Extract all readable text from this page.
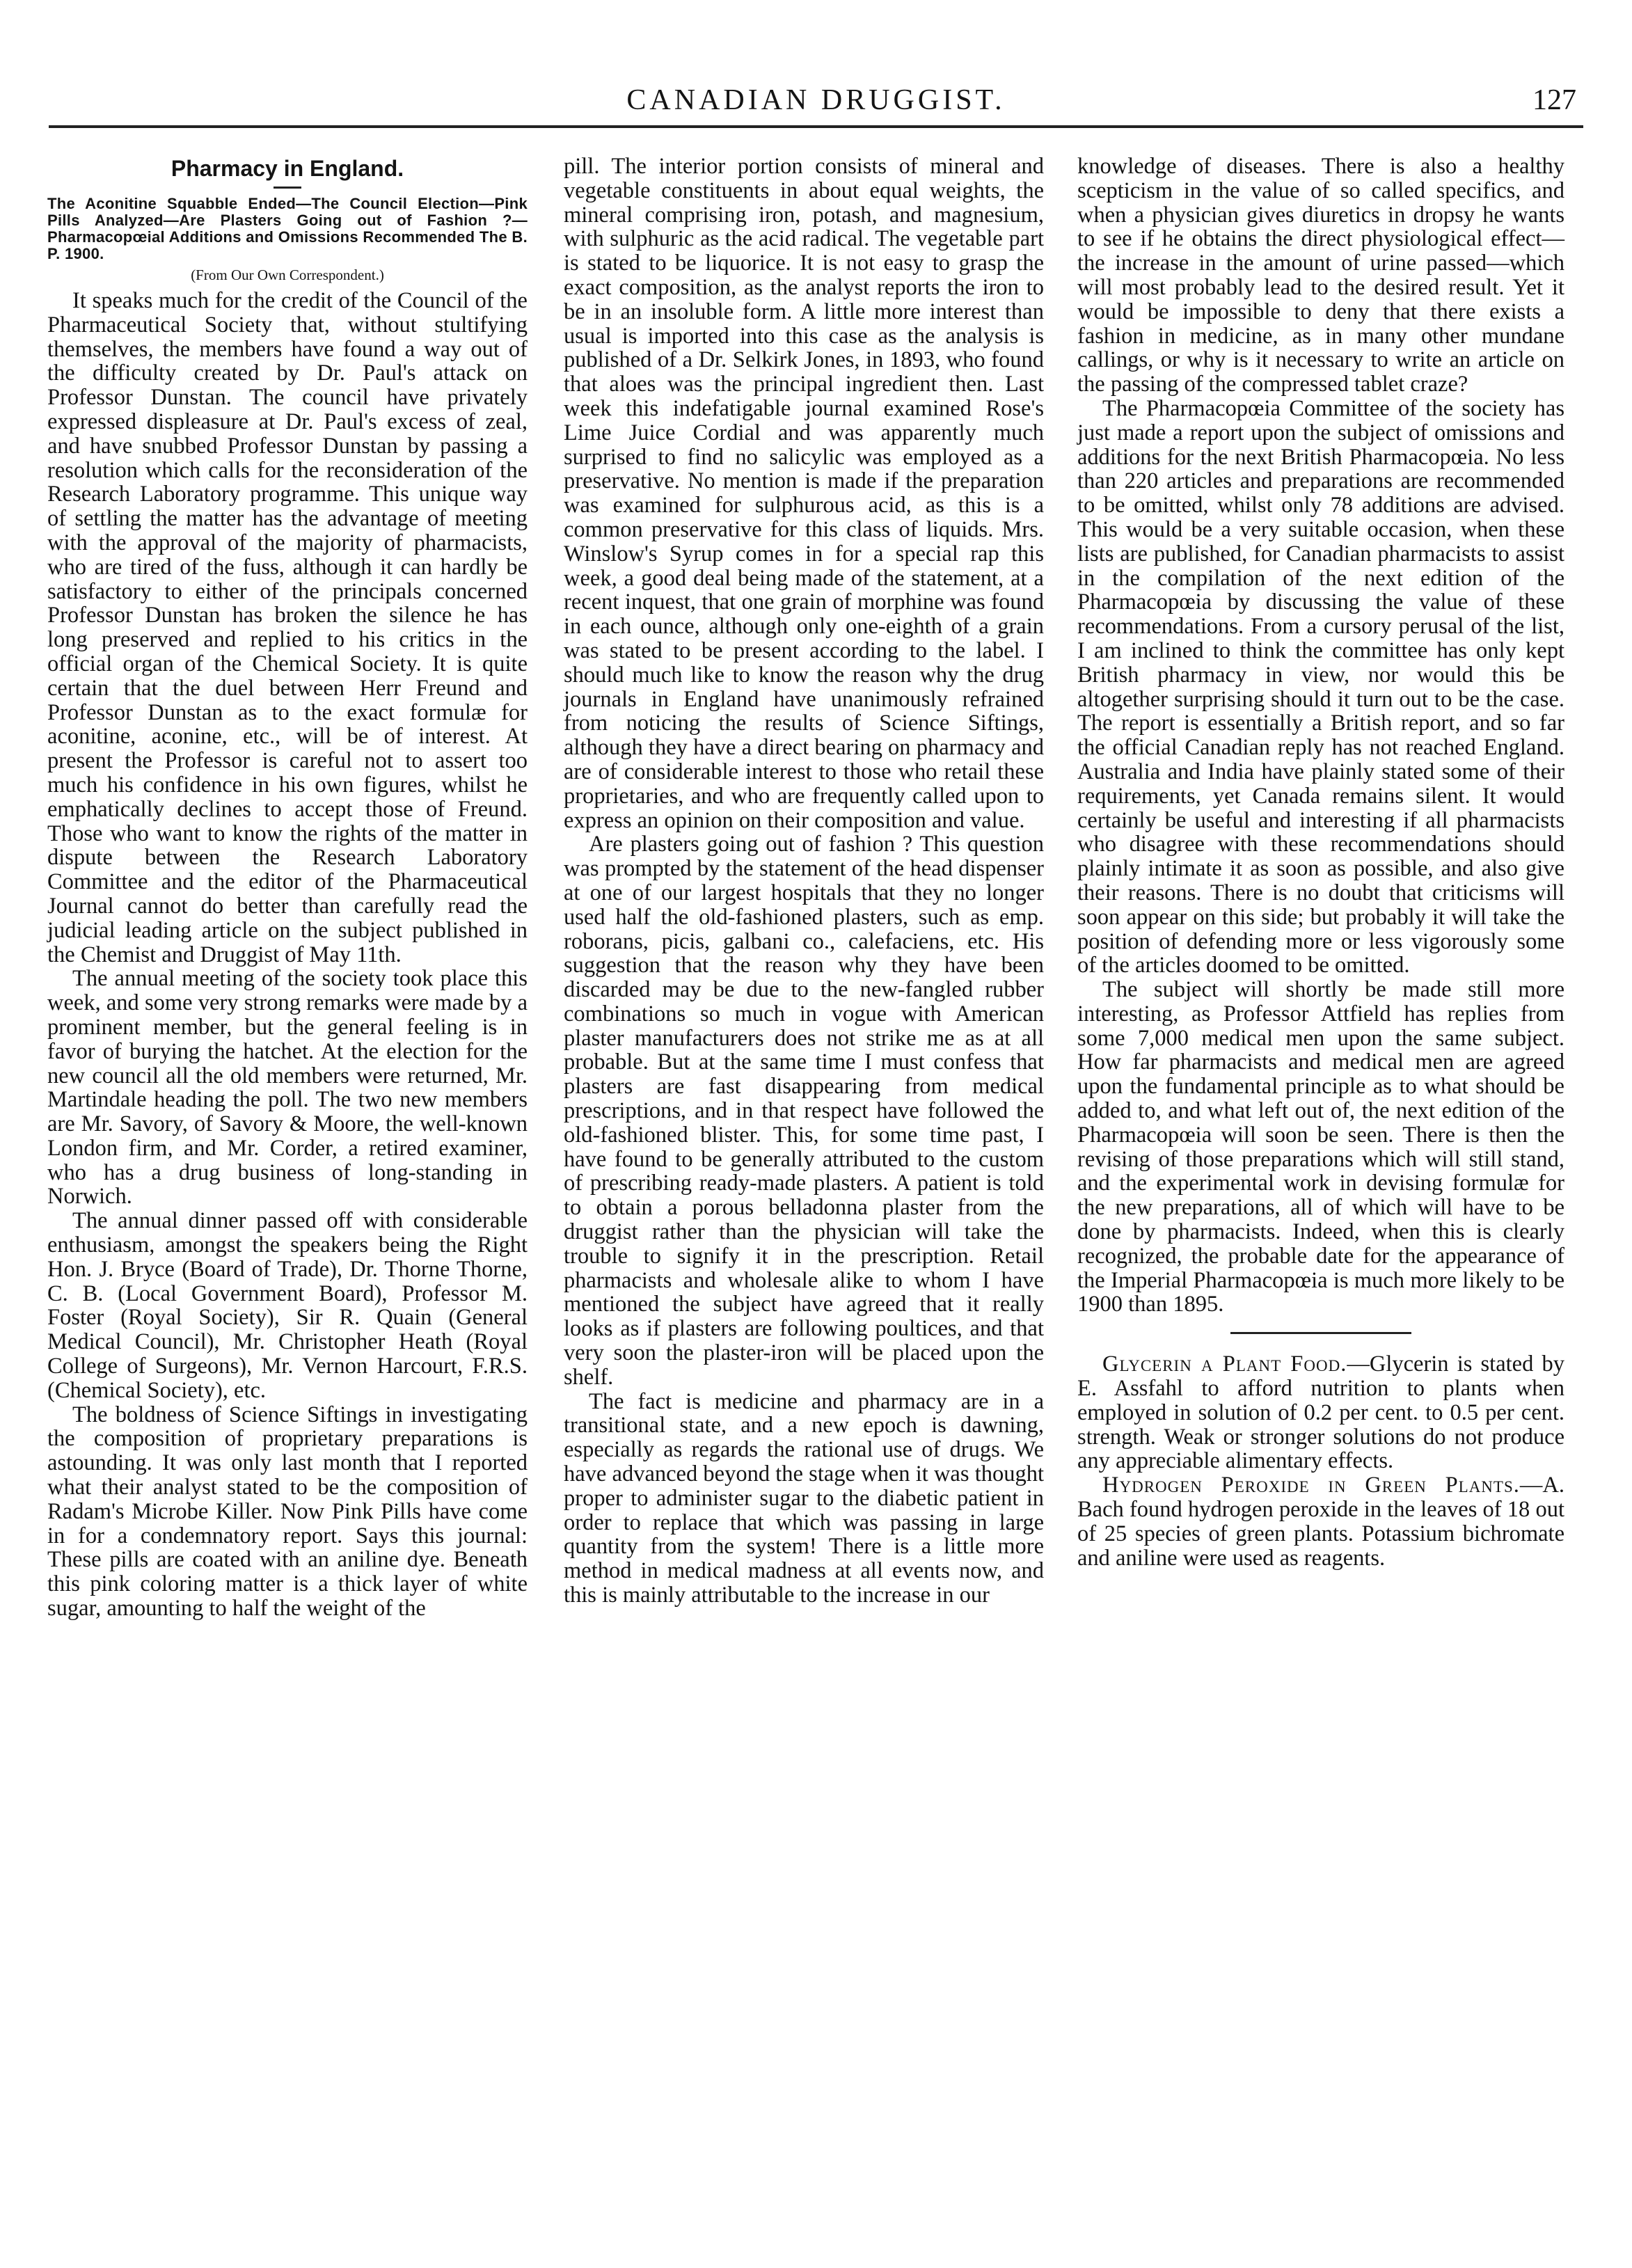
CANADIAN DRUGGIST.	127
Pharmacy in England.
The Aconitine Squabble Ended—The Council Election—Pink Pills Analyzed—Are Plasters Going out of Fashion ?—Pharmacopœial Additions and Omissions Recommended The B. P. 1900.
(From Our Own Correspondent.)

It speaks much for the credit of the Council of the Pharmaceutical Society that, without stultifying themselves, the members have found a way out of the difficulty created by Dr. Paul's attack on Professor Dunstan. The council have privately expressed displeasure at Dr. Paul's excess of zeal, and have snubbed Professor Dunstan by passing a resolution which calls for the reconsideration of the Research Laboratory programme. This unique way of settling the matter has the advantage of meeting with the approval of the majority of pharmacists, who are tired of the fuss, although it can hardly be satisfactory to either of the principals concerned Professor Dunstan has broken the silence he has long preserved and replied to his critics in the official organ of the Chemical Society. It is quite certain that the duel between Herr Freund and Professor Dunstan as to the exact formulæ for aconitine, aconine, etc., will be of interest. At present the Professor is careful not to assert too much his confidence in his own figures, whilst he emphatically declines to accept those of Freund. Those who want to know the rights of the matter in dispute between the Research Laboratory Committee and the editor of the Pharmaceutical Journal cannot do better than carefully read the judicial leading article on the subject published in the Chemist and Druggist of May 11th.

The annual meeting of the society took place this week, and some very strong remarks were made by a prominent member, but the general feeling is in favor of burying the hatchet. At the election for the new council all the old members were returned, Mr. Martindale heading the poll. The two new members are Mr. Savory, of Savory & Moore, the well-known London firm, and Mr. Corder, a retired examiner, who has a drug business of long-standing in Norwich.

The annual dinner passed off with considerable enthusiasm, amongst the speakers being the Right Hon. J. Bryce (Board of Trade), Dr. Thorne Thorne, C. B. (Local Government Board), Professor M. Foster (Royal Society), Sir R. Quain (General Medical Council), Mr. Christopher Heath (Royal College of Surgeons), Mr. Vernon Harcourt, F.R.S. (Chemical Society), etc.

The boldness of Science Siftings in investigating the composition of proprietary preparations is astounding. It was only last month that I reported what their analyst stated to be the composition of Radam's Microbe Killer. Now Pink Pills have come in for a condemnatory report. Says this journal: These pills are coated with an aniline dye. Beneath this pink coloring matter is a thick layer of white sugar, amounting to half the weight of the

pill. The interior portion consists of mineral and vegetable constituents in about equal weights, the mineral comprising iron, potash, and magnesium, with sulphuric as the acid radical. The vegetable part is stated to be liquorice. It is not easy to grasp the exact composition, as the analyst reports the iron to be in an insoluble form. A little more interest than usual is imported into this case as the analysis is published of a Dr. Selkirk Jones, in 1893, who found that aloes was the principal ingredient then. Last week this indefatigable journal examined Rose's Lime Juice Cordial and was apparently much surprised to find no salicylic was employed as a preservative. No mention is made if the preparation was examined for sulphurous acid, as this is a common preservative for this class of liquids. Mrs. Winslow's Syrup comes in for a special rap this week, a good deal being made of the statement, at a recent inquest, that one grain of morphine was found in each ounce, although only one-eighth of a grain was stated to be present according to the label. I should much like to know the reason why the drug journals in England have unanimously refrained from noticing the results of Science Siftings, although they have a direct bearing on pharmacy and are of considerable interest to those who retail these proprietaries, and who are frequently called upon to express an opinion on their composition and value.

Are plasters going out of fashion ? This question was prompted by the statement of the head dispenser at one of our largest hospitals that they no longer used half the old-fashioned plasters, such as emp. roborans, picis, galbani co., calefaciens, etc. His suggestion that the reason why they have been discarded may be due to the new-fangled rubber combinations so much in vogue with American plaster manufacturers does not strike me as at all probable. But at the same time I must confess that plasters are fast disappearing from medical prescriptions, and in that respect have followed the old-fashioned blister. This, for some time past, I have found to be generally attributed to the custom of prescribing ready-made plasters. A patient is told to obtain a porous belladonna plaster from the druggist rather than the physician will take the trouble to signify it in the prescription. Retail pharmacists and wholesale alike to whom I have mentioned the subject have agreed that it really looks as if plasters are following poultices, and that very soon the plaster-iron will be placed upon the shelf.

The fact is medicine and pharmacy are in a transitional state, and a new epoch is dawning, especially as regards the rational use of drugs. We have advanced beyond the stage when it was thought proper to administer sugar to the diabetic patient in order to replace that which was passing in large quantity from the system! There is a little more method in medical madness at all events now, and this is mainly attributable to the increase in our

knowledge of diseases. There is also a healthy scepticism in the value of so called specifics, and when a physician gives diuretics in dropsy he wants to see if he obtains the direct physiological effect—the increase in the amount of urine passed—which will most probably lead to the desired result. Yet it would be impossible to deny that there exists a fashion in medicine, as in many other mundane callings, or why is it necessary to write an article on the passing of the compressed tablet craze?

The Pharmacopœia Committee of the society has just made a report upon the subject of omissions and additions for the next British Pharmacopœia. No less than 220 articles and preparations are recommended to be omitted, whilst only 78 additions are advised. This would be a very suitable occasion, when these lists are published, for Canadian pharmacists to assist in the compilation of the next edition of the Pharmacopœia by discussing the value of these recommendations. From a cursory perusal of the list, I am inclined to think the committee has only kept British pharmacy in view, nor would this be altogether surprising should it turn out to be the case. The report is essentially a British report, and so far the official Canadian reply has not reached England. Australia and India have plainly stated some of their requirements, yet Canada remains silent. It would certainly be useful and interesting if all pharmacists who disagree with these recommendations should plainly intimate it as soon as possible, and also give their reasons. There is no doubt that criticisms will soon appear on this side; but probably it will take the position of defending more or less vigorously some of the articles doomed to be omitted.

The subject will shortly be made still more interesting, as Professor Attfield has replies from some 7,000 medical men upon the same subject. How far pharmacists and medical men are agreed upon the fundamental principle as to what should be added to, and what left out of, the next edition of the Pharmacopœia will soon be seen. There is then the revising of those preparations which will still stand, and the experimental work in devising formulæ for the new preparations, all of which will have to be done by pharmacists. Indeed, when this is clearly recognized, the probable date for the appearance of the Imperial Pharmacopœia is much more likely to be 1900 than 1895.

Glycerin a Plant Food.—Glycerin is stated by E. Assfahl to afford nutrition to plants when employed in solution of 0.2 per cent. to 0.5 per cent. strength. Weak or stronger solutions do not produce any appreciable alimentary effects.

Hydrogen Peroxide in Green Plants.—A. Bach found hydrogen peroxide in the leaves of 18 out of 25 species of green plants. Potassium bichromate and aniline were used as reagents.
